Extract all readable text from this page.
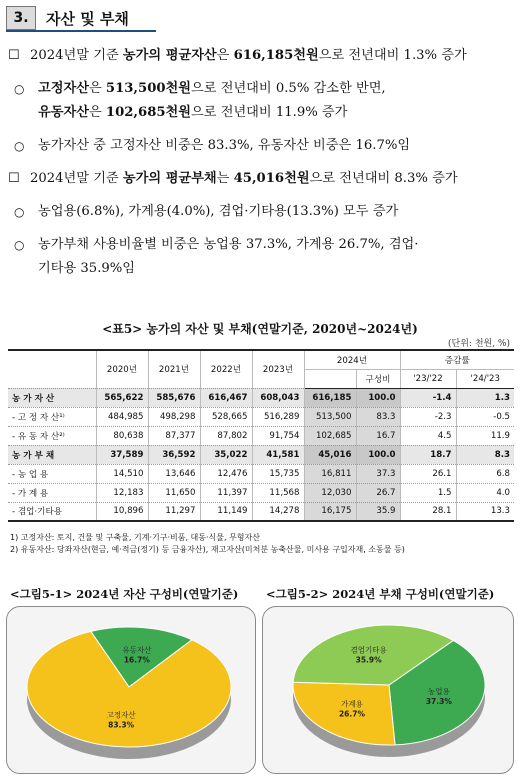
3.	자산 및 부채
☐ 2024년말 기준 농가의 평균자산은 616,185천원으로 전년대비 1.3% 증가
○	고정자산은 513,500천원으로 전년대비 0.5% 감소한 반면,
유동자산은 102,685천원으로 전년대비 11.9% 증가
○	농가자산 중 고정자산 비중은 83.3%, 유동자산 비중은 16.7%임
☐ 2024년말 기준 농가의 평균부채는 45,016천원으로 전년대비 8.3% 증가
○	농업용(6.8%), 가계용(4.0%), 겸업·기타용(13.3%) 모두 증가
○	농가부채 사용비율별 비중은 농업용 37.3%, 가계용 26.7%, 겸업·
기타용 35.9%임
<표5> 농가의 자산 및 부채(연말기준, 2020년~2024년)
(단위: 천원, %)
	2020년	2021년	2022년	2023년	2024년		증감률	
						구성비	'23/'22	'24/'23
농 가 자 산	565,622	585,676	616,467	608,043	616,185	100.0	-1.4	1.3
- 고 정 자 산¹⁾	484,985	498,298	528,665	516,289	513,500	83.3	-2.3	-0.5
- 유 동 자 산²⁾	80,638	87,377	87,802	91,754	102,685	16.7	4.5	11.9
농 가 부 채	37,589	36,592	35,022	41,581	45,016	100.0	18.7	8.3
- 농 업 용	14,510	13,646	12,476	15,735	16,811	37.3	26.1	6.8
- 가 계 용	12,183	11,650	11,397	11,568	12,030	26.7	1.5	4.0
- 겸업·기타용	10,896	11,297	11,149	14,278	16,175	35.9	28.1	13.3
1) 고정자산: 토지, 건물 및 구축물, 기계·기구·비품, 대동·식물, 무형자산
2) 유동자산: 당좌자산(현금, 예·적금(정기) 등 금융자산), 재고자산(미처분 농축산물, 미사용 구입자재, 소동물 등)
<그림5-1> 2024년 자산 구성비(연말기준) <그림5-2> 2024년 부채 구성비(연말기준)
유동자산
16.7%
고정자산
83.3%
농업용
37.3%
가계용
26.7%
겸업기타용
35.9%
